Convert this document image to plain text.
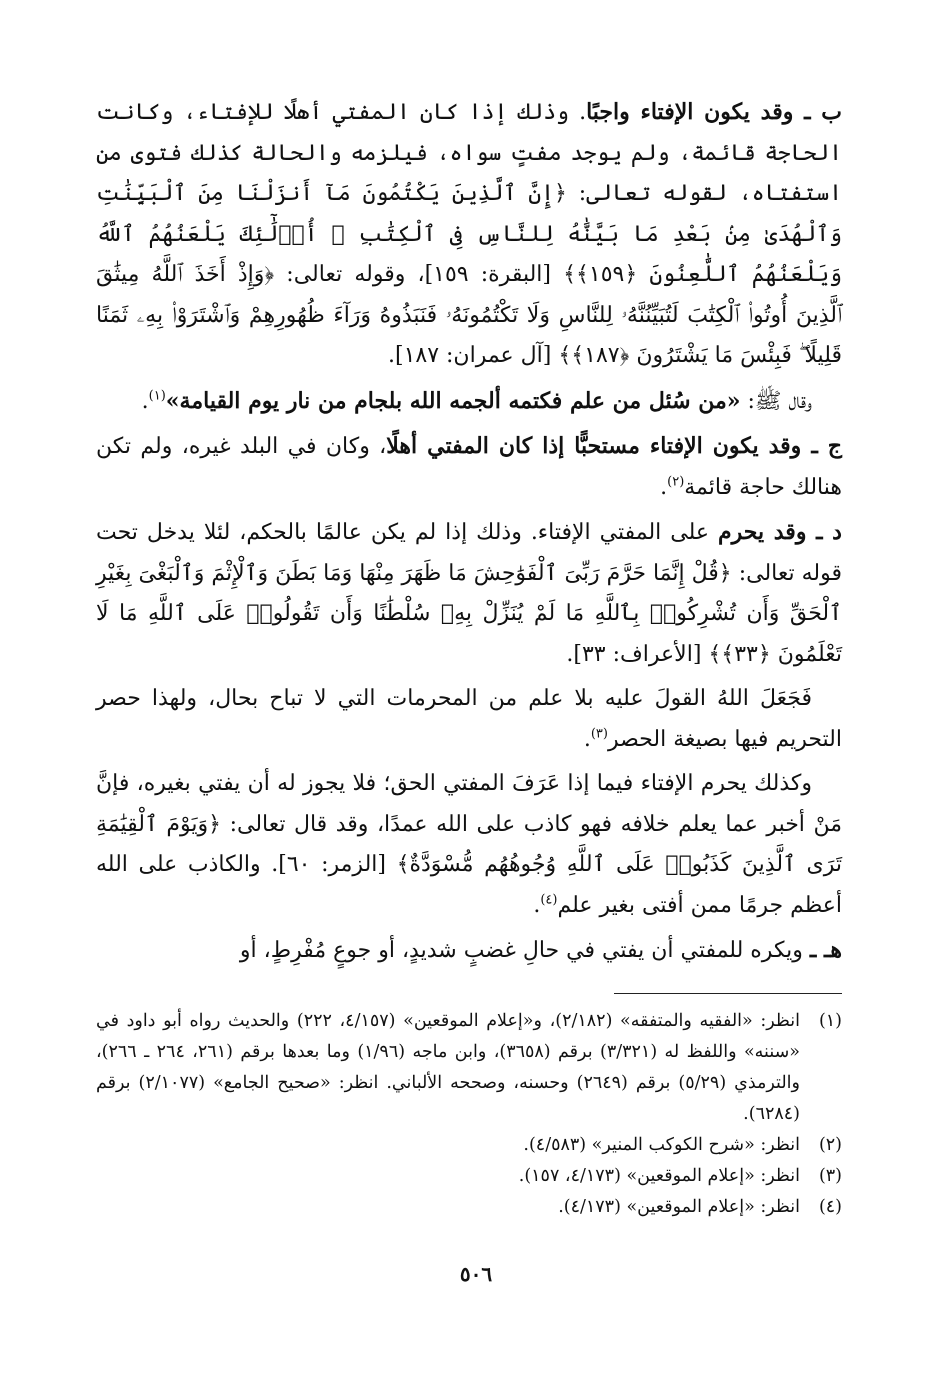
ب ـ وقد يكون الإفتاء واجبًا. وذلك إذا كان المفتي أهلًا للإفتاء، وكانت الحاجة قائمة، ولم يوجد مفتٍ سواه، فيلزمه والحالة كذلك فتوى من استفتاه، لقوله تعالى: ﴿إِنَّ ٱلَّذِينَ يَكْتُمُونَ مَآ أَنزَلْنَا مِنَ ٱلْبَيِّنَٰتِ وَٱلْهُدَىٰ مِنۢ بَعْدِ مَا بَيَّنَّٰهُ لِلنَّاسِ فِى ٱلْكِتَٰبِ ۙ أُو۟لَٰٓئِكَ يَلْعَنُهُمُ ٱللَّهُ وَيَلْعَنُهُمُ ٱللَّٰعِنُونَ ﴿١٥٩﴾﴾ [البقرة: ١٥٩]، وقوله تعالى: ﴿وَإِذْ أَخَذَ ٱللَّهُ مِيثَٰقَ ٱلَّذِينَ أُوتُوا۟ ٱلْكِتَٰبَ لَتُبَيِّنُنَّهُۥ لِلنَّاسِ وَلَا تَكْتُمُونَهُۥ فَنَبَذُوهُ وَرَآءَ ظُهُورِهِمْ وَٱشْتَرَوْا۟ بِهِۦ ثَمَنًا قَلِيلًا ۖ فَبِئْسَ مَا يَشْتَرُونَ ﴿١٨٧﴾﴾ [آل عمران: ١٨٧].

وقال ﷺ: «من سُئل من علم فكتمه ألجمه الله بلجام من نار يوم القيامة»$^{(١)}$.

ج ـ وقد يكون الإفتاء مستحبًّا إذا كان المفتي أهلًا، وكان في البلد غيره، ولم تكن هنالك حاجة قائمة$^{(٢)}$.

د ـ وقد يحرم على المفتي الإفتاء. وذلك إذا لم يكن عالمًا بالحكم، لئلا يدخل تحت قوله تعالى: ﴿قُلْ إِنَّمَا حَرَّمَ رَبِّىَ ٱلْفَوَٰحِشَ مَا ظَهَرَ مِنْهَا وَمَا بَطَنَ وَٱلْإِثْمَ وَٱلْبَغْىَ بِغَيْرِ ٱلْحَقِّ وَأَن تُشْرِكُوا۟ بِٱللَّهِ مَا لَمْ يُنَزِّلْ بِهِۦ سُلْطَٰنًا وَأَن تَقُولُوا۟ عَلَى ٱللَّهِ مَا لَا تَعْلَمُونَ ﴿٣٣﴾﴾ [الأعراف: ٣٣].

فَجَعَلَ اللهُ القولَ عليه بلا علم من المحرمات التي لا تباح بحال، ولهذا حصر التحريم فيها بصيغة الحصر$^{(٣)}$.

وكذلك يحرم الإفتاء فيما إذا عَرَفَ المفتي الحق؛ فلا يجوز له أن يفتي بغيره، فإنَّ مَنْ أخبر عما يعلم خلافه فهو كاذب على الله عمدًا، وقد قال تعالى: ﴿وَيَوْمَ ٱلْقِيَٰمَةِ تَرَى ٱلَّذِينَ كَذَبُوا۟ عَلَى ٱللَّهِ وُجُوهُهُم مُّسْوَدَّةٌ﴾ [الزمر: ٦٠]. والكاذب على الله أعظم جرمًا ممن أفتى بغير علم$^{(٤)}$.

هـ ـ ويكره للمفتي أن يفتي في حالِ غضبٍ شديدٍ، أو جوعٍ مُفْرِطٍ، أو

(١)
انظر: «الفقيه والمتفقه» (٢/١٨٢)، و«إعلام الموقعين» (٤/١٥٧، ٢٢٢) والحديث رواه أبو داود في «سننه» واللفظ له (٣/٣٢١) برقم (٣٦٥٨)، وابن ماجه (١/٩٦) وما بعدها برقم (٢٦١، ٢٦٤ ـ ٢٦٦)، والترمذي (٥/٢٩) برقم (٢٦٤٩) وحسنه، وصححه الألباني. انظر: «صحيح الجامع» (٢/١٠٧٧) برقم (٦٢٨٤).
(٢)
انظر: «شرح الكوكب المنير» (٤/٥٨٣).
(٣)
انظر: «إعلام الموقعين» (٤/١٧٣، ١٥٧).
(٤)
انظر: «إعلام الموقعين» (٤/١٧٣).
٥٠٦
